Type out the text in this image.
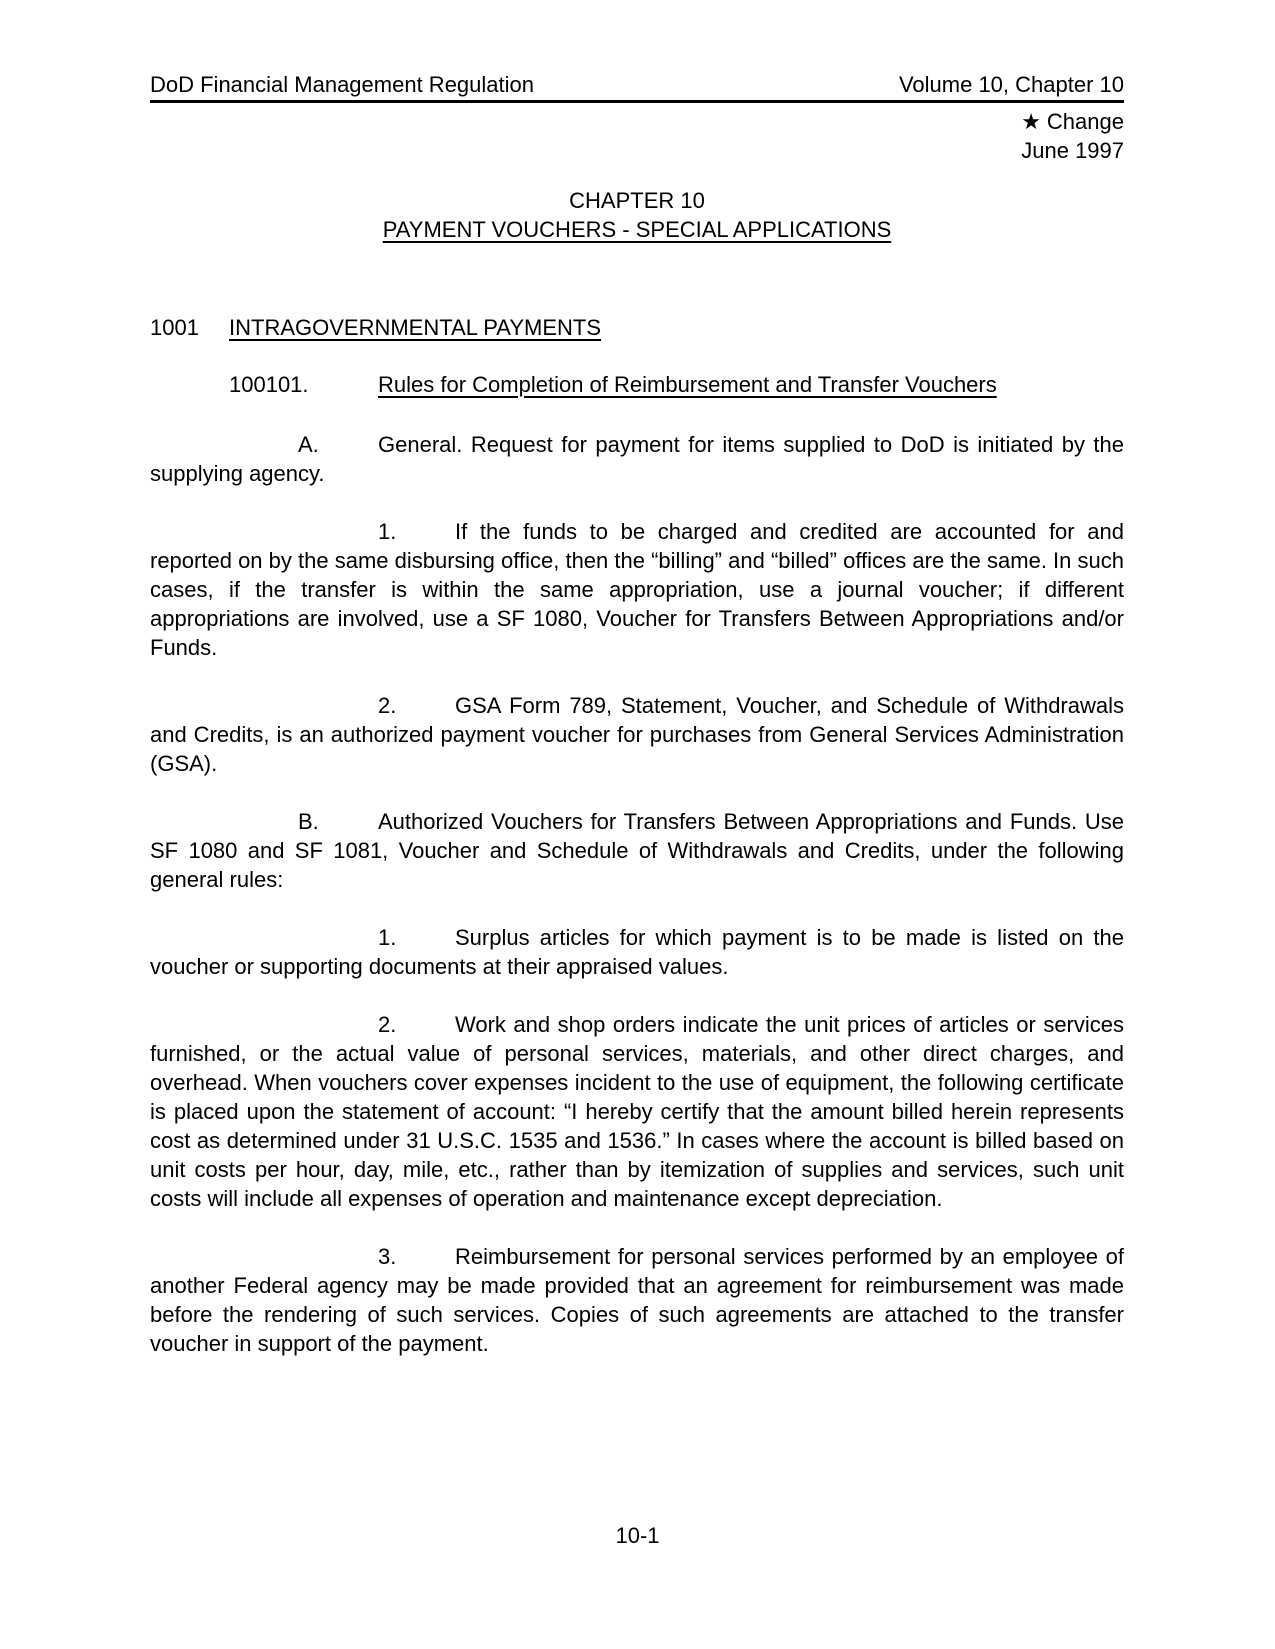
DoD Financial Management Regulation	Volume 10, Chapter 10
★ Change
June 1997
CHAPTER 10
PAYMENT VOUCHERS - SPECIAL APPLICATIONS

1001 INTRAGOVERNMENTAL PAYMENTS

100101.	Rules for Completion of Reimbursement and Transfer Vouchers

A.	General. Request for payment for items supplied to DoD is initiated by the supplying agency.

1.	If the funds to be charged and credited are accounted for and reported on by the same disbursing office, then the “billing” and “billed” offices are the same. In such cases, if the transfer is within the same appropriation, use a journal voucher; if different appropriations are involved, use a SF 1080, Voucher for Transfers Between Appropriations and/or Funds.

2.	GSA Form 789, Statement, Voucher, and Schedule of Withdrawals and Credits, is an authorized payment voucher for purchases from General Services Administration (GSA).

B.	Authorized Vouchers for Transfers Between Appropriations and Funds. Use SF 1080 and SF 1081, Voucher and Schedule of Withdrawals and Credits, under the following general rules:

1.	Surplus articles for which payment is to be made is listed on the voucher or supporting documents at their appraised values.

2.	Work and shop orders indicate the unit prices of articles or services furnished, or the actual value of personal services, materials, and other direct charges, and overhead. When vouchers cover expenses incident to the use of equipment, the following certificate is placed upon the statement of account: “I hereby certify that the amount billed herein represents cost as determined under 31 U.S.C. 1535 and 1536.” In cases where the account is billed based on unit costs per hour, day, mile, etc., rather than by itemization of supplies and services, such unit costs will include all expenses of operation and maintenance except depreciation.

3.	Reimbursement for personal services performed by an employee of another Federal agency may be made provided that an agreement for reimbursement was made before the rendering of such services. Copies of such agreements are attached to the transfer voucher in support of the payment.

10-1
